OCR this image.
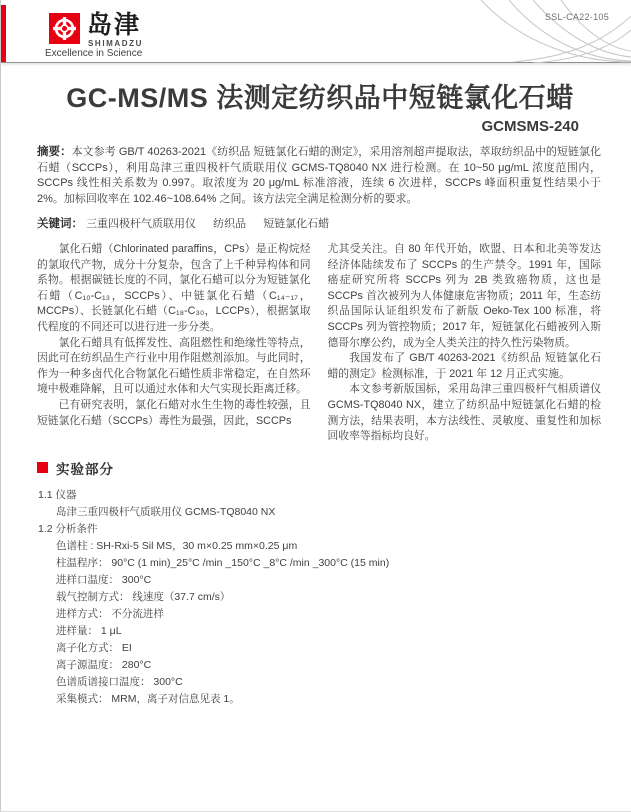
岛津
SHIMADZU
Excellence in Science
SSL-CA22-105
GC-MS/MS 法测定纺织品中短链氯化石蜡
GCMSMS-240
摘要：本文参考 GB/T 40263-2021《纺织品 短链氯化石蜡的测定》，采用溶剂超声提取法，萃取纺织品中的短链氯化石蜡（SCCPs），利用岛津三重四极杆气质联用仪 GCMS-TQ8040 NX 进行检测。在 10~50 μg/mL 浓度范围内，SCCPs 线性相关系数为 0.997。取浓度为 20 μg/mL 标准溶液，连续 6 次进样，SCCPs 峰面积重复性结果小于 2%。加标回收率在 102.46~108.64% 之间。该方法完全满足检测分析的要求。
关键词： 三重四极杆气质联用仪 纺织品 短链氯化石蜡

氯化石蜡（Chlorinated paraffins，CPs）是正构烷烃的氯取代产物，成分十分复杂，包含了上千种异构体和同系物。根据碳链长度的不同，氯化石蜡可以分为短链氯化石蜡（C₁₀-C₁₃，SCCPs）、中链氯化石蜡（C₁₄₋₁₇，MCCPs）、长链氯化石蜡（C₁₈-C₃₀，LCCPs），根据氯取代程度的不同还可以进行进一步分类。

氯化石蜡具有低挥发性、高阻燃性和绝缘性等特点，因此可在纺织品生产行业中用作阻燃剂添加。与此同时，作为一种多卤代化合物氯化石蜡性质非常稳定，在自然环境中极难降解，且可以通过水体和大气实现长距离迁移。

已有研究表明，氯化石蜡对水生生物的毒性较强，且短链氯化石蜡（SCCPs）毒性为最强，因此，SCCPs

尤其受关注。自 80 年代开始，欧盟、日本和北美等发达经济体陆续发布了 SCCPs 的生产禁令。1991 年，国际癌症研究所将 SCCPs 列为 2B 类致癌物质，这也是 SCCPs 首次被列为人体健康危害物质；2011 年，生态纺织品国际认证组织发布了新版 Oeko-Tex 100 标准，将 SCCPs 列为管控物质；2017 年，短链氯化石蜡被列入斯德哥尔摩公约，成为全人类关注的持久性污染物质。

我国发布了 GB/T 40263-2021《纺织品 短链氯化石蜡的测定》检测标准，于 2021 年 12 月正式实施。

本文参考新版国标，采用岛津三重四极杆气相质谱仪 GCMS-TQ8040 NX，建立了纺织品中短链氯化石蜡的检测方法，结果表明，本方法线性、灵敏度、重复性和加标回收率等指标均良好。

实验部分
1.1 仪器
岛津三重四极杆气质联用仪 GCMS-TQ8040 NX
1.2 分析条件
色谱柱 : SH-Rxi-5 Sil MS，30 m×0.25 mm×0.25 μm
柱温程序： 90°C (1 min)_25°C /min _150°C _8°C /min _300°C (15 min)
进样口温度： 300°C
载气控制方式： 线速度（37.7 cm/s）
进样方式： 不分流进样
进样量： 1 μL
离子化方式： EI
离子源温度： 280°C
色谱质谱接口温度： 300°C
采集模式： MRM，离子对信息见表 1。
